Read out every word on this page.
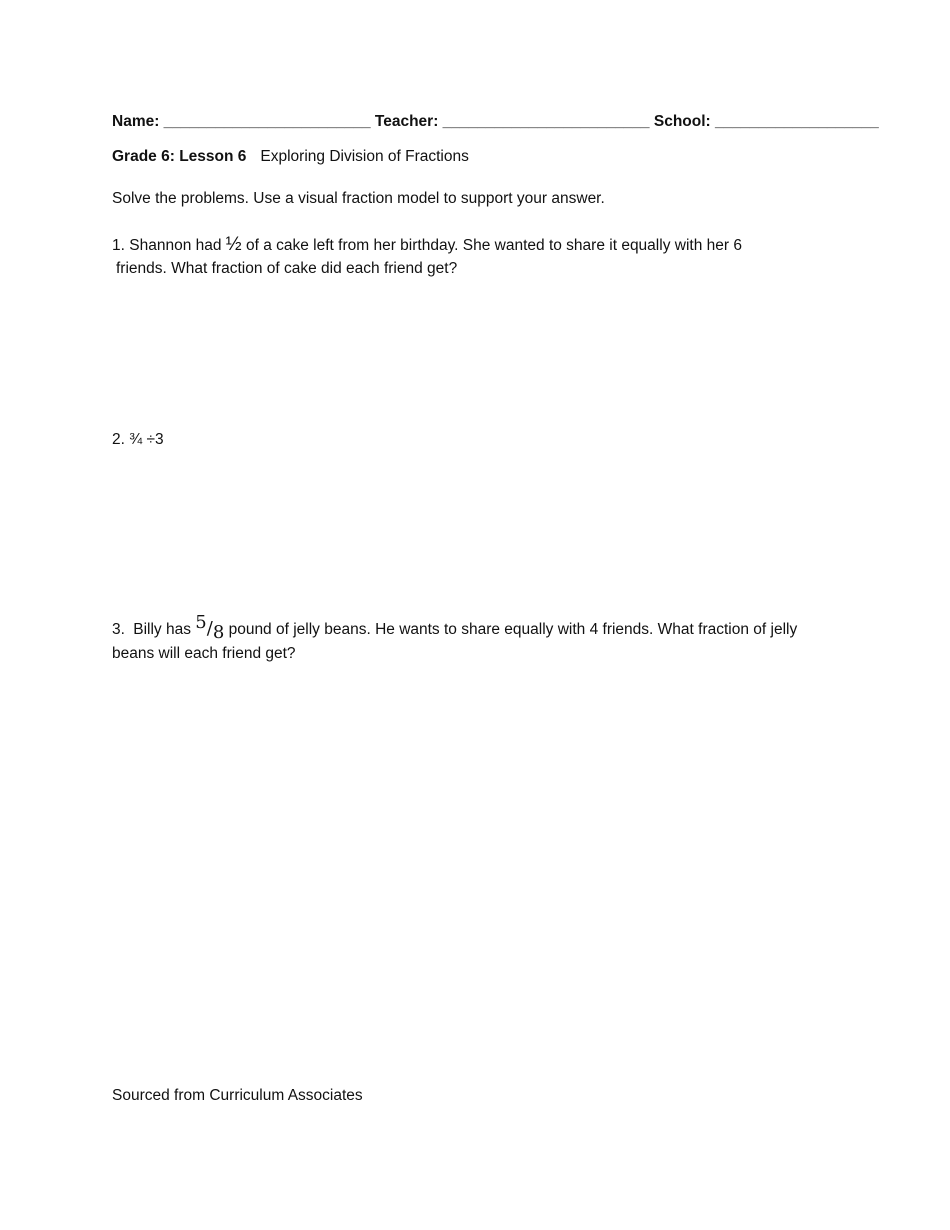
Name: ________________________ Teacher: ________________________ School: ___________________
Grade 6: Lesson 6 Exploring Division of Fractions
Solve the problems. Use a visual fraction model to support your answer.
1. Shannon had ½ of a cake left from her birthday. She wanted to share it equally with her 6
friends. What fraction of cake did each friend get?
2. ¾ ÷3
3. Billy has 5/8 pound of jelly beans. He wants to share equally with 4 friends. What fraction of jelly
beans will each friend get?
Sourced from Curriculum Associates
